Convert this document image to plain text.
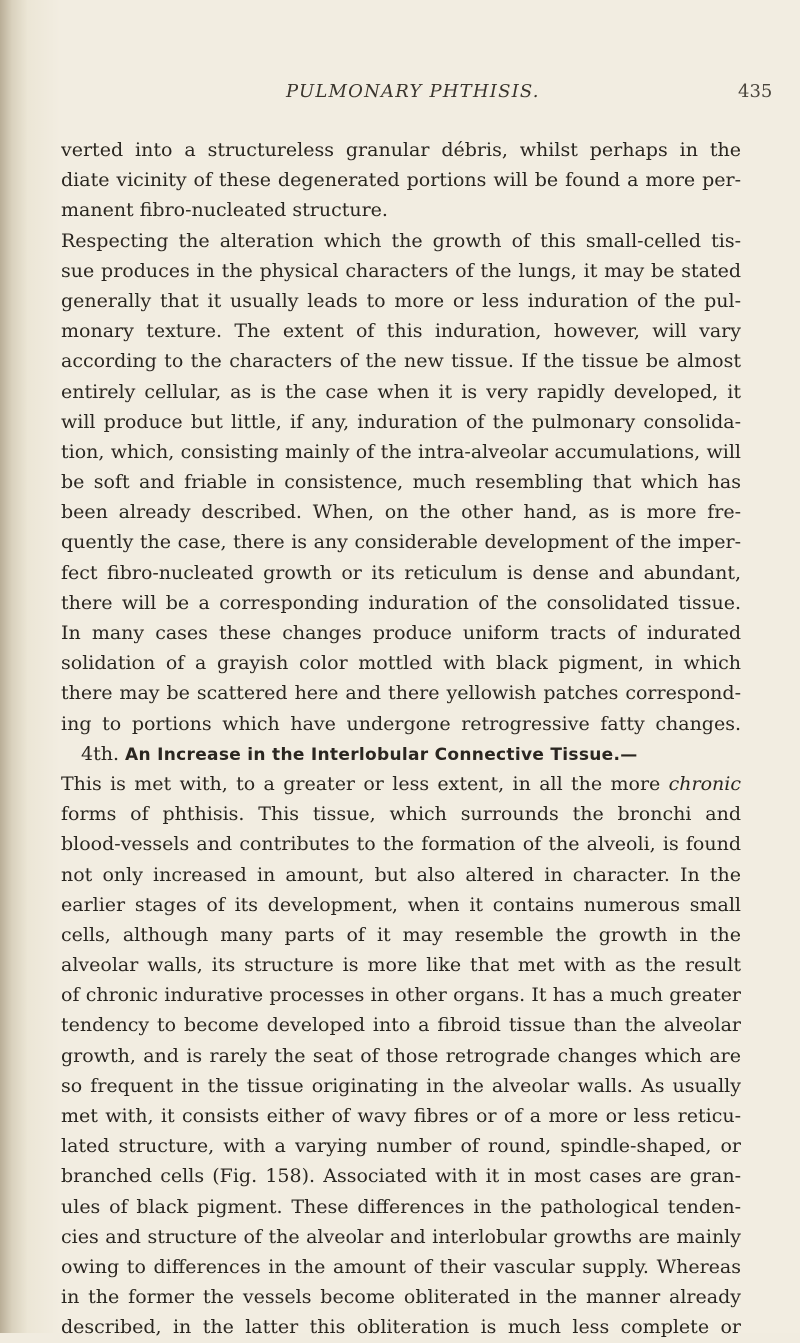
PULMONARY PHTHISIS.	435
verted into a structureless granular débris, whilst perhaps in the
diate vicinity of these degenerated portions will be found a more per-
manent fibro-nucleated structure.
Respecting the alteration which the growth of this small-celled tis-
sue produces in the physical characters of the lungs, it may be stated
generally that it usually leads to more or less induration of the pul-
monary texture. The extent of this induration, however, will vary
according to the characters of the new tissue. If the tissue be almost
entirely cellular, as is the case when it is very rapidly developed, it
will produce but little, if any, induration of the pulmonary consolida-
tion, which, consisting mainly of the intra-alveolar accumulations, will
be soft and friable in consistence, much resembling that which has
been already described. When, on the other hand, as is more fre-
quently the case, there is any considerable development of the imper-
fect fibro-nucleated growth or its reticulum is dense and abundant,
there will be a corresponding induration of the consolidated tissue.
In many cases these changes produce uniform tracts of indurated
solidation of a grayish color mottled with black pigment, in which
there may be scattered here and there yellowish patches correspond-
ing to portions which have undergone retrogressive fatty changes.
4th. An Increase in the Interlobular Connective Tissue.—
This is met with, to a greater or less extent, in all the more chronic
forms of phthisis. This tissue, which surrounds the bronchi and
blood-vessels and contributes to the formation of the alveoli, is found
not only increased in amount, but also altered in character. In the
earlier stages of its development, when it contains numerous small
cells, although many parts of it may resemble the growth in the
alveolar walls, its structure is more like that met with as the result
of chronic indurative processes in other organs. It has a much greater
tendency to become developed into a fibroid tissue than the alveolar
growth, and is rarely the seat of those retrograde changes which are
so frequent in the tissue originating in the alveolar walls. As usually
met with, it consists either of wavy fibres or of a more or less reticu-
lated structure, with a varying number of round, spindle-shaped, or
branched cells (Fig. 158). Associated with it in most cases are gran-
ules of black pigment. These differences in the pathological tenden-
cies and structure of the alveolar and interlobular growths are mainly
owing to differences in the amount of their vascular supply. Whereas
in the former the vessels become obliterated in the manner already
described, in the latter this obliteration is much less complete or
